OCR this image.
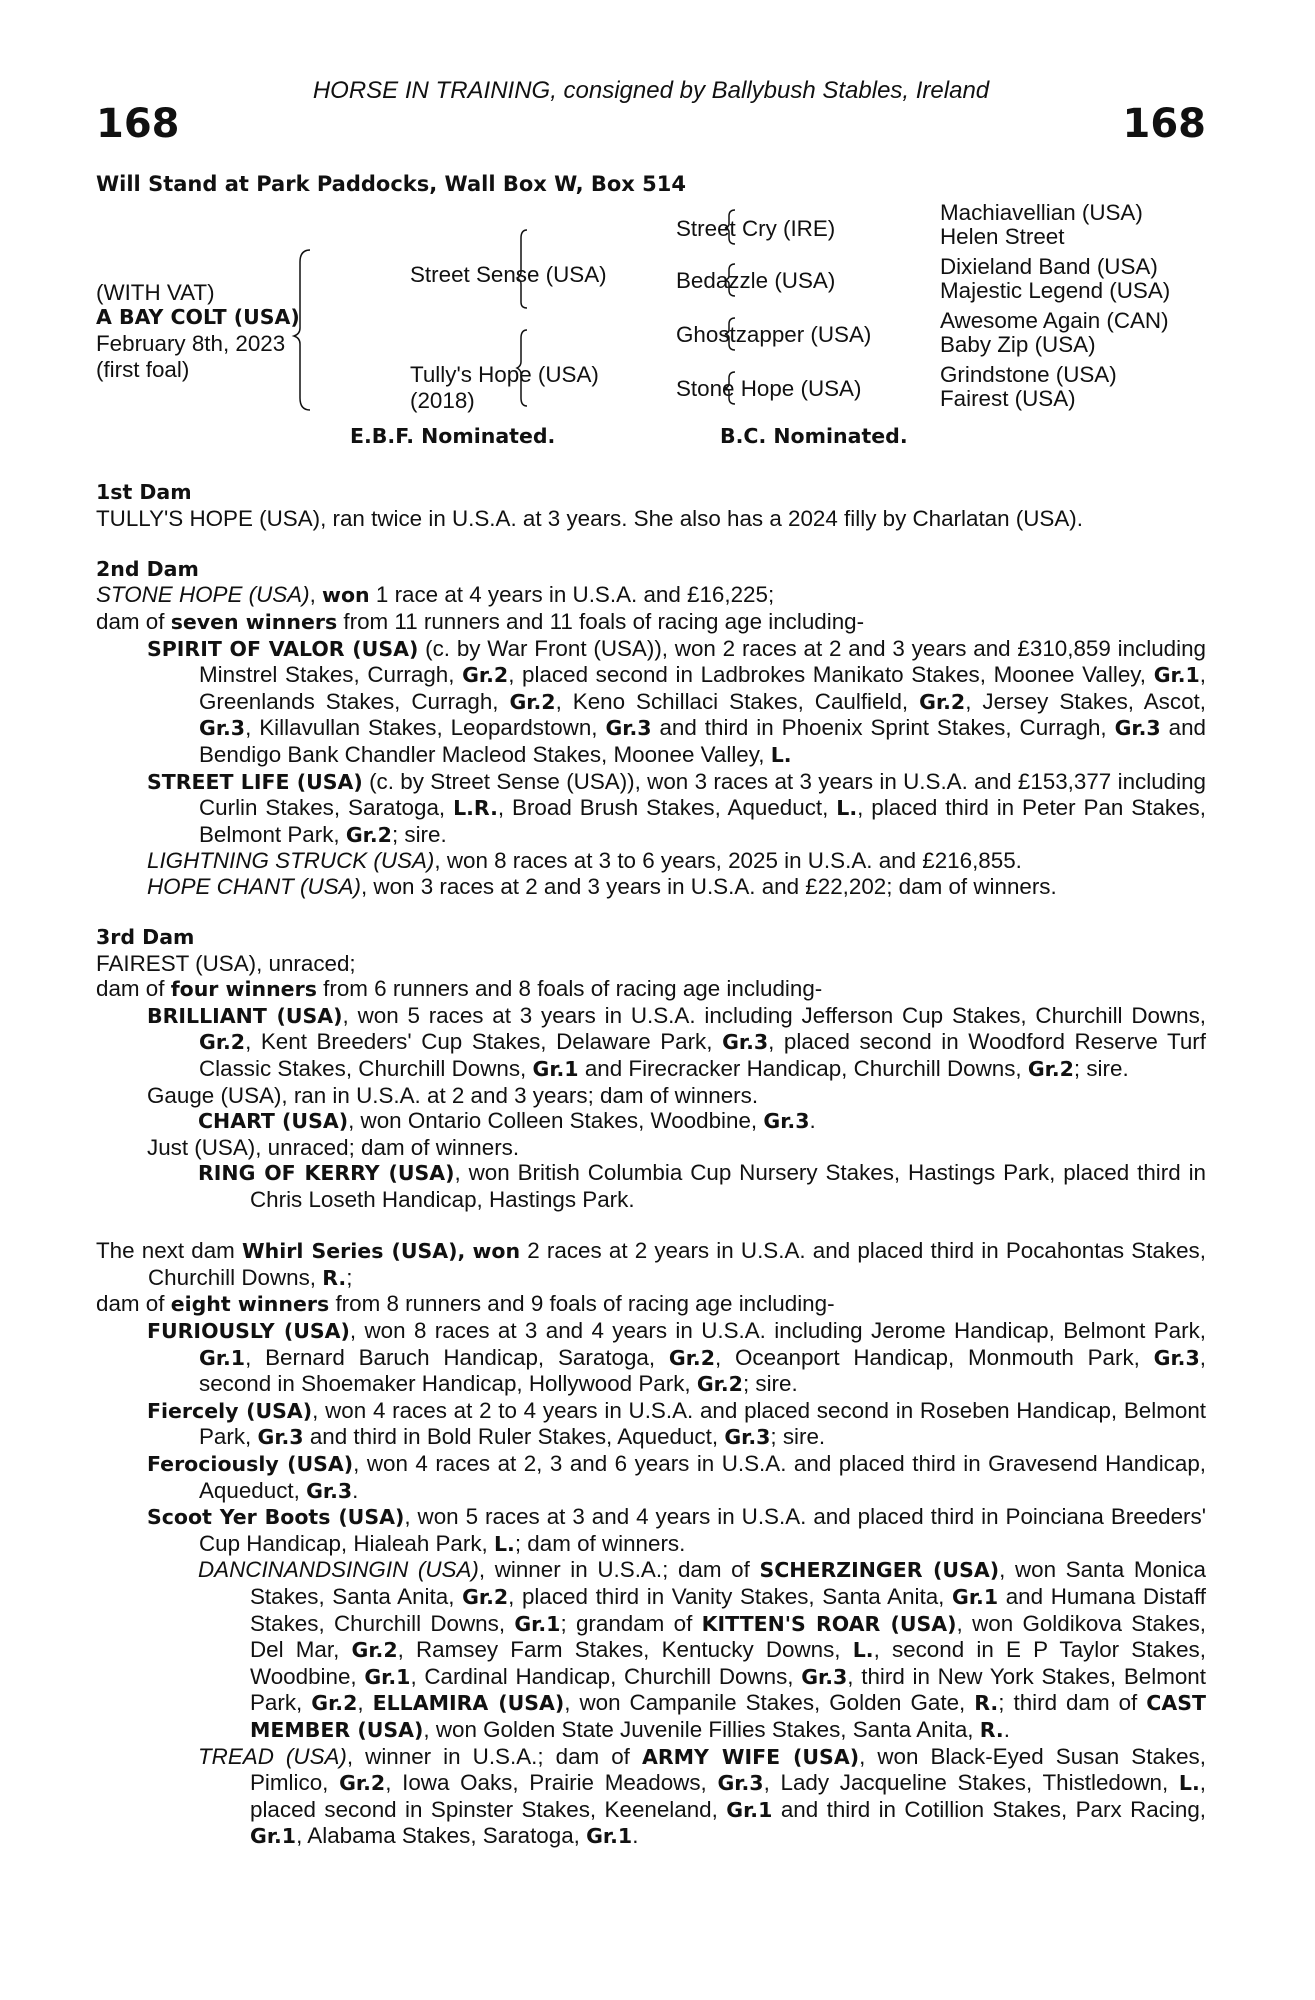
HORSE IN TRAINING, consigned by Ballybush Stables, Ireland
168	168
Will Stand at Park Paddocks, Wall Box W, Box 514
(WITH VAT)
A BAY COLT (USA)
February 8th, 2023
(first foal)
Street Sense (USA)
Tully's Hope (USA)
(2018)
Street Cry (IRE)
Bedazzle (USA)
Ghostzapper (USA)
Stone Hope (USA)
Machiavellian (USA)
Helen Street
Dixieland Band (USA)
Majestic Legend (USA)
Awesome Again (CAN)
Baby Zip (USA)
Grindstone (USA)
Fairest (USA)
E.B.F. Nominated.	B.C. Nominated.
1st Dam

TULLY'S HOPE (USA), ran twice in U.S.A. at 3 years. She also has a 2024 filly by Charlatan (USA).

2nd Dam

STONE HOPE (USA), won 1 race at 4 years in U.S.A. and £16,225;

dam of seven winners from 11 runners and 11 foals of racing age including-

SPIRIT OF VALOR (USA) (c. by War Front (USA)), won 2 races at 2 and 3 years and £310,859 including Minstrel Stakes, Curragh, Gr.2, placed second in Ladbrokes Manikato Stakes, Moonee Valley, Gr.1, Greenlands Stakes, Curragh, Gr.2, Keno Schillaci Stakes, Caulfield, Gr.2, Jersey Stakes, Ascot, Gr.3, Killavullan Stakes, Leopardstown, Gr.3 and third in Phoenix Sprint Stakes, Curragh, Gr.3 and Bendigo Bank Chandler Macleod Stakes, Moonee Valley, L.

STREET LIFE (USA) (c. by Street Sense (USA)), won 3 races at 3 years in U.S.A. and £153,377 including Curlin Stakes, Saratoga, L.R., Broad Brush Stakes, Aqueduct, L., placed third in Peter Pan Stakes, Belmont Park, Gr.2; sire.

LIGHTNING STRUCK (USA), won 8 races at 3 to 6 years, 2025 in U.S.A. and £216,855.

HOPE CHANT (USA), won 3 races at 2 and 3 years in U.S.A. and £22,202; dam of winners.

3rd Dam

FAIREST (USA), unraced;

dam of four winners from 6 runners and 8 foals of racing age including-

BRILLIANT (USA), won 5 races at 3 years in U.S.A. including Jefferson Cup Stakes, Churchill Downs, Gr.2, Kent Breeders' Cup Stakes, Delaware Park, Gr.3, placed second in Woodford Reserve Turf Classic Stakes, Churchill Downs, Gr.1 and Firecracker Handicap, Churchill Downs, Gr.2; sire.

Gauge (USA), ran in U.S.A. at 2 and 3 years; dam of winners.

CHART (USA), won Ontario Colleen Stakes, Woodbine, Gr.3.

Just (USA), unraced; dam of winners.

RING OF KERRY (USA), won British Columbia Cup Nursery Stakes, Hastings Park, placed third in Chris Loseth Handicap, Hastings Park.

The next dam Whirl Series (USA), won 2 races at 2 years in U.S.A. and placed third in Pocahontas Stakes, Churchill Downs, R.;

dam of eight winners from 8 runners and 9 foals of racing age including-

FURIOUSLY (USA), won 8 races at 3 and 4 years in U.S.A. including Jerome Handicap, Belmont Park, Gr.1, Bernard Baruch Handicap, Saratoga, Gr.2, Oceanport Handicap, Monmouth Park, Gr.3, second in Shoemaker Handicap, Hollywood Park, Gr.2; sire.

Fiercely (USA), won 4 races at 2 to 4 years in U.S.A. and placed second in Roseben Handicap, Belmont Park, Gr.3 and third in Bold Ruler Stakes, Aqueduct, Gr.3; sire.

Ferociously (USA), won 4 races at 2, 3 and 6 years in U.S.A. and placed third in Gravesend Handicap, Aqueduct, Gr.3.

Scoot Yer Boots (USA), won 5 races at 3 and 4 years in U.S.A. and placed third in Poinciana Breeders' Cup Handicap, Hialeah Park, L.; dam of winners.

DANCINANDSINGIN (USA), winner in U.S.A.; dam of SCHERZINGER (USA), won Santa Monica Stakes, Santa Anita, Gr.2, placed third in Vanity Stakes, Santa Anita, Gr.1 and Humana Distaff Stakes, Churchill Downs, Gr.1; grandam of KITTEN'S ROAR (USA), won Goldikova Stakes, Del Mar, Gr.2, Ramsey Farm Stakes, Kentucky Downs, L., second in E P Taylor Stakes, Woodbine, Gr.1, Cardinal Handicap, Churchill Downs, Gr.3, third in New York Stakes, Belmont Park, Gr.2, ELLAMIRA (USA), won Campanile Stakes, Golden Gate, R.; third dam of CAST MEMBER (USA), won Golden State Juvenile Fillies Stakes, Santa Anita, R..

TREAD (USA), winner in U.S.A.; dam of ARMY WIFE (USA), won Black-Eyed Susan Stakes, Pimlico, Gr.2, Iowa Oaks, Prairie Meadows, Gr.3, Lady Jacqueline Stakes, Thistledown, L., placed second in Spinster Stakes, Keeneland, Gr.1 and third in Cotillion Stakes, Parx Racing, Gr.1, Alabama Stakes, Saratoga, Gr.1.
